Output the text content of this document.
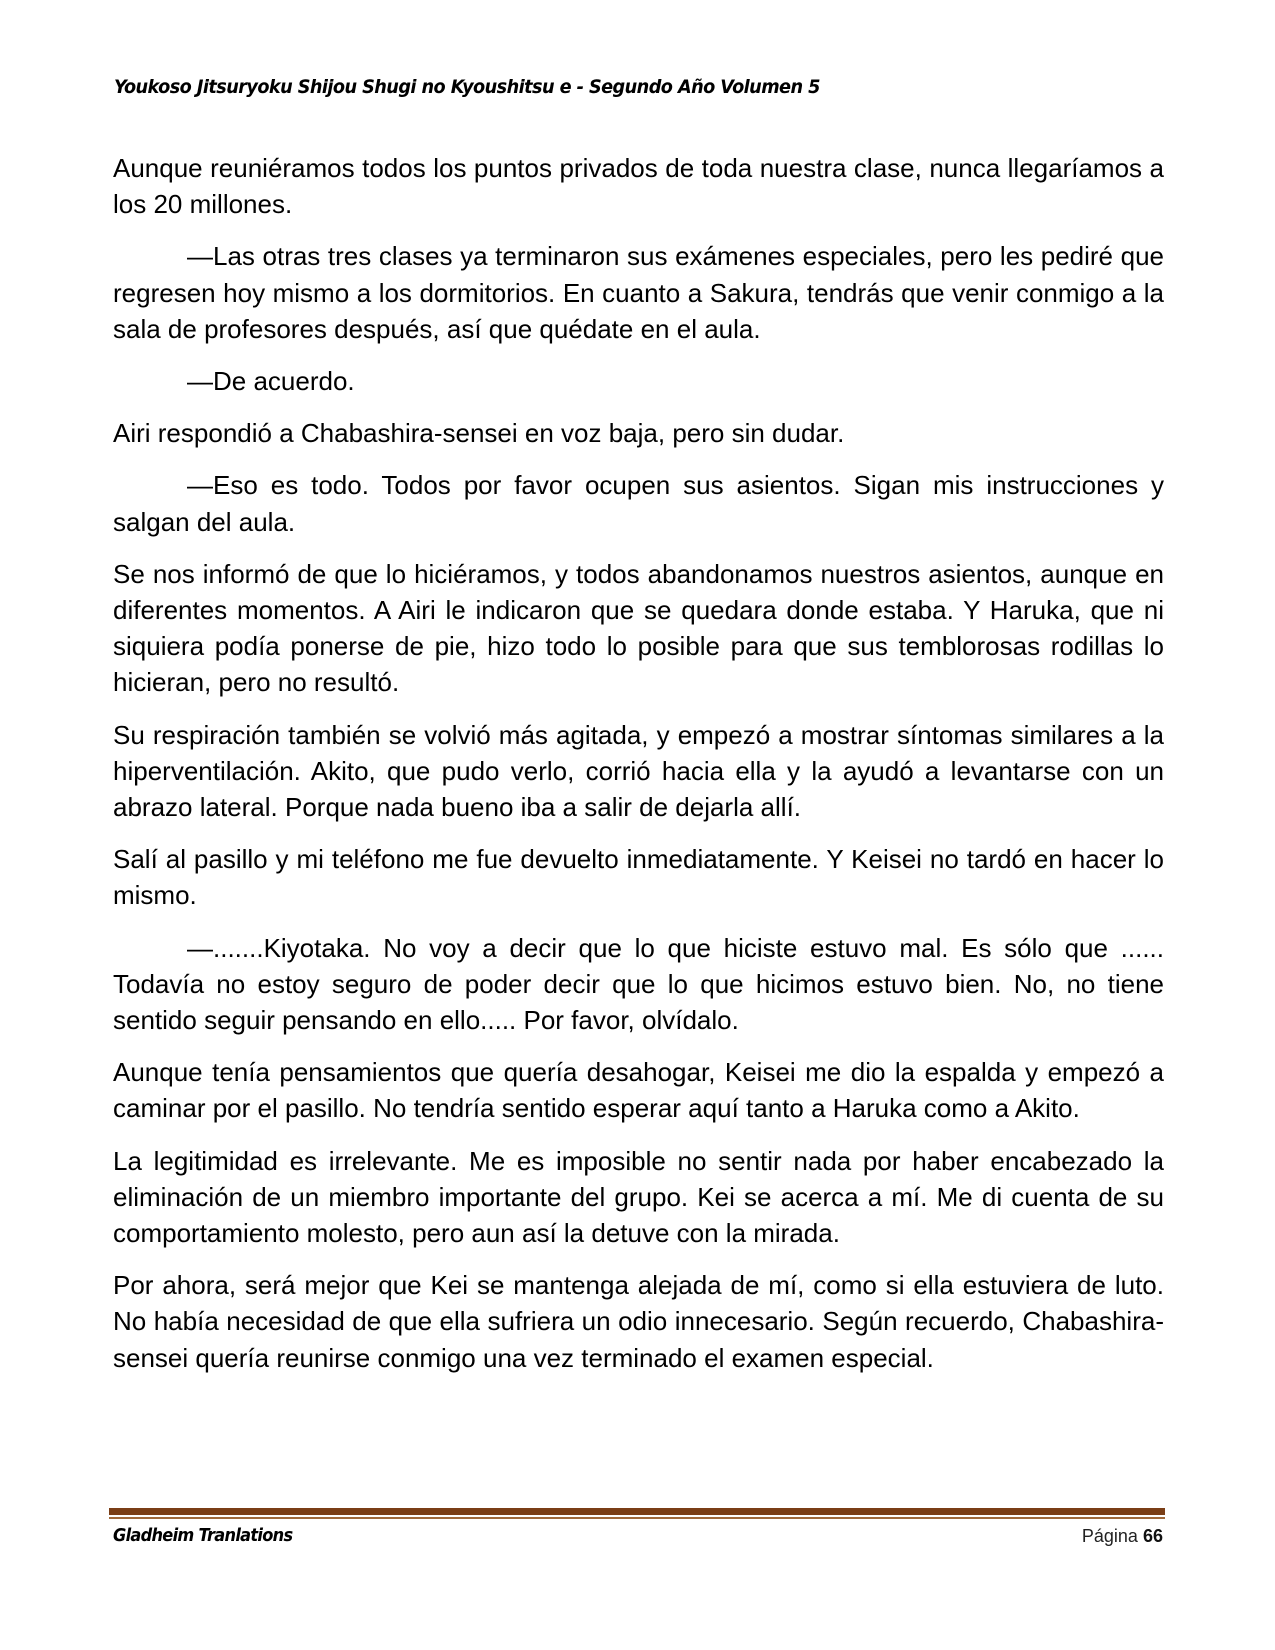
Youkoso Jitsuryoku Shijou Shugi no Kyoushitsu e - Segundo Año Volumen 5

Aunque reuniéramos todos los puntos privados de toda nuestra clase, nunca llegaríamos a los 20 millones.

—Las otras tres clases ya terminaron sus exámenes especiales, pero les pediré que regresen hoy mismo a los dormitorios. En cuanto a Sakura, tendrás que venir conmigo a la sala de profesores después, así que quédate en el aula.

—De acuerdo.

Airi respondió a Chabashira-sensei en voz baja, pero sin dudar.

—Eso es todo. Todos por favor ocupen sus asientos. Sigan mis instrucciones y salgan del aula.

Se nos informó de que lo hiciéramos, y todos abandonamos nuestros asientos, aunque en diferentes momentos. A Airi le indicaron que se quedara donde estaba. Y Haruka, que ni siquiera podía ponerse de pie, hizo todo lo posible para que sus temblorosas rodillas lo hicieran, pero no resultó.

Su respiración también se volvió más agitada, y empezó a mostrar síntomas similares a la hiperventilación. Akito, que pudo verlo, corrió hacia ella y la ayudó a levantarse con un abrazo lateral. Porque nada bueno iba a salir de dejarla allí.

Salí al pasillo y mi teléfono me fue devuelto inmediatamente. Y Keisei no tardó en hacer lo mismo.

—.......Kiyotaka. No voy a decir que lo que hiciste estuvo mal. Es sólo que ...... Todavía no estoy seguro de poder decir que lo que hicimos estuvo bien. No, no tiene sentido seguir pensando en ello..... Por favor, olvídalo.

Aunque tenía pensamientos que quería desahogar, Keisei me dio la espalda y empezó a caminar por el pasillo. No tendría sentido esperar aquí tanto a Haruka como a Akito.

La legitimidad es irrelevante. Me es imposible no sentir nada por haber encabezado la eliminación de un miembro importante del grupo. Kei se acerca a mí. Me di cuenta de su comportamiento molesto, pero aun así la detuve con la mirada.

Por ahora, será mejor que Kei se mantenga alejada de mí, como si ella estuviera de luto. No había necesidad de que ella sufriera un odio innecesario. Según recuerdo, Chabashira-sensei quería reunirse conmigo una vez terminado el examen especial.

Gladheim Tranlations	Página 66
